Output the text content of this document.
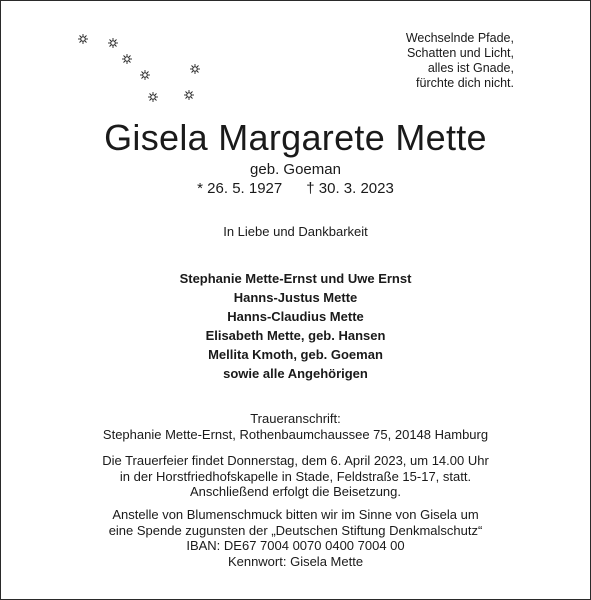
Wechselnde Pfade,
Schatten und Licht,
alles ist Gnade,
fürchte dich nicht.
Gisela Margarete Mette
geb. Goeman
* 26. 5. 1927 † 30. 3. 2023
In Liebe und Dankbarkeit
Stephanie Mette-Ernst und Uwe Ernst
Hanns-Justus Mette
Hanns-Claudius Mette
Elisabeth Mette, geb. Hansen
Mellita Kmoth, geb. Goeman
sowie alle Angehörigen
Traueranschrift:
Stephanie Mette-Ernst, Rothenbaumchaussee 75, 20148 Hamburg
Die Trauerfeier findet Donnerstag, dem 6. April 2023, um 14.00 Uhr
in der Horstfriedhofskapelle in Stade, Feldstraße 15-17, statt.
Anschließend erfolgt die Beisetzung.
Anstelle von Blumenschmuck bitten wir im Sinne von Gisela um
eine Spende zugunsten der „Deutschen Stiftung Denkmalschutz“
IBAN: DE67 7004 0070 0400 7004 00
Kennwort: Gisela Mette
